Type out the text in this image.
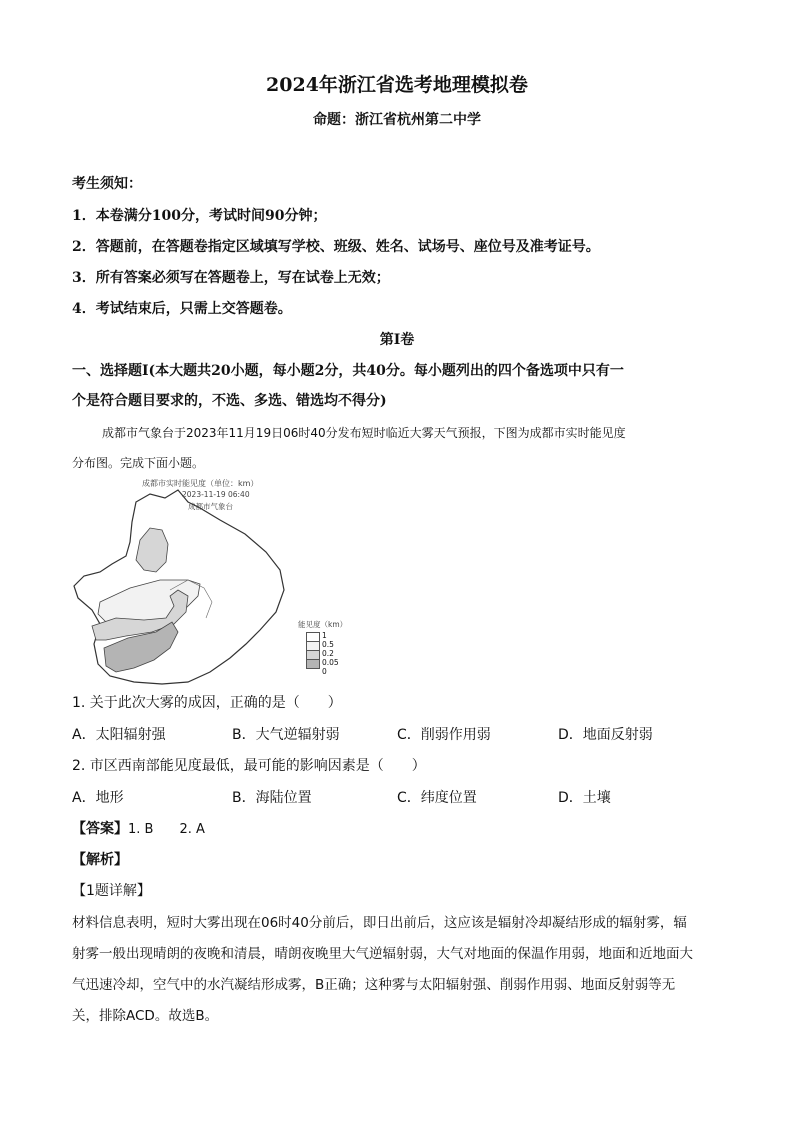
2024年浙江省选考地理模拟卷
命题：浙江省杭州第二中学
考生须知：
1．本卷满分100分，考试时间90分钟；
2．答题前，在答题卷指定区域填写学校、班级、姓名、试场号、座位号及准考证号。
3．所有答案必须写在答题卷上，写在试卷上无效；
4．考试结束后，只需上交答题卷。
第Ⅰ卷
一、选择题Ⅰ(本大题共20小题，每小题2分，共40分。每小题列出的四个备选项中只有一
个是符合题目要求的，不选、多选、错选均不得分)
成都市气象台于2023年11月19日06时40分发布短时临近大雾天气预报，下图为成都市实时能见度
分布图。完成下面小题。
成都市实时能见度（单位：km）
2023-11-19 06:40
成都市气象台
能见度（km）
1
0.5
0.2
0.05
0
1. 关于此次大雾的成因，正确的是（　　）
A．太阳辐射强	B．大气逆辐射弱	C．削弱作用弱	D．地面反射弱
2. 市区西南部能见度最低，最可能的影响因素是（　　）
A．地形	B．海陆位置	C．纬度位置	D．土壤
【答案】1. B　　2. A
【解析】
【1题详解】
材料信息表明，短时大雾出现在06时40分前后，即日出前后，这应该是辐射冷却凝结形成的辐射雾，辐
射雾一般出现晴朗的夜晚和清晨，晴朗夜晚里大气逆辐射弱，大气对地面的保温作用弱，地面和近地面大
气迅速冷却，空气中的水汽凝结形成雾，B正确；这种雾与太阳辐射强、削弱作用弱、地面反射弱等无
关，排除ACD。故选B。
